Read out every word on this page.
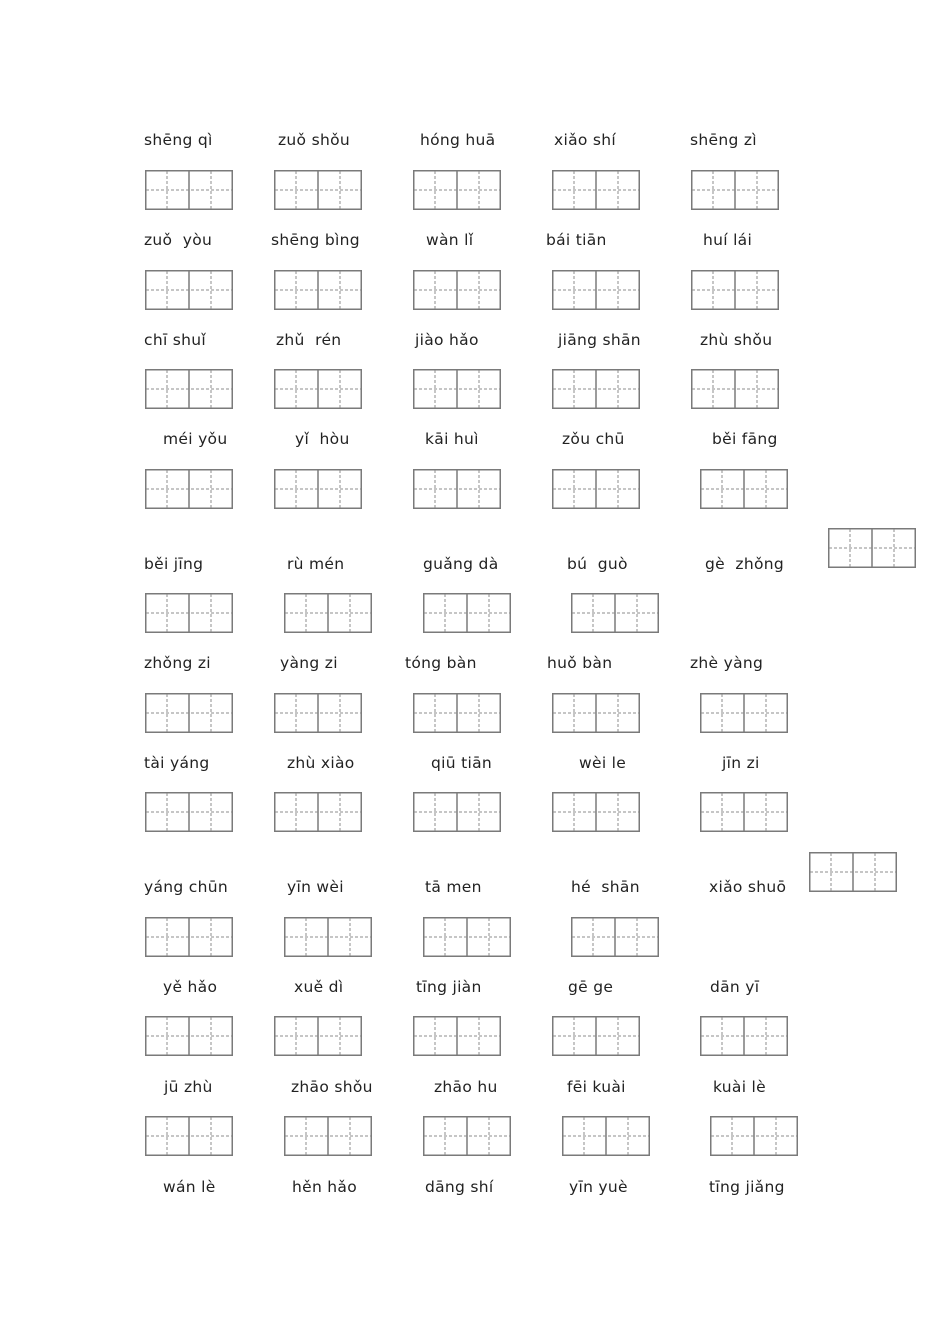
shēng qì	zuǒ shǒu	hóng huā	xiǎo shí	shēng zì
zuǒ  yòu	shēng bìng	wàn lǐ	bái tiān	huí lái
chī shuǐ	zhǔ  rén	jiào hǎo	jiāng shān	zhù shǒu
méi yǒu	yǐ  hòu	kāi huì	zǒu chū	běi fāng
běi jīng	rù mén	guǎng dà	bú  guò	gè  zhǒng
zhǒng zi	yàng zi	tóng bàn	huǒ bàn	zhè yàng
tài yáng	zhù xiào	qiū tiān	wèi le	jīn zi
yáng chūn	yīn wèi	tā men	hé  shān	xiǎo shuō
yě hǎo	xuě dì	tīng jiàn	gē ge	dān yī
jū zhù	zhāo shǒu	zhāo hu	fēi kuài	kuài lè
wán lè	hěn hǎo	dāng shí	yīn yuè	tīng jiǎng
